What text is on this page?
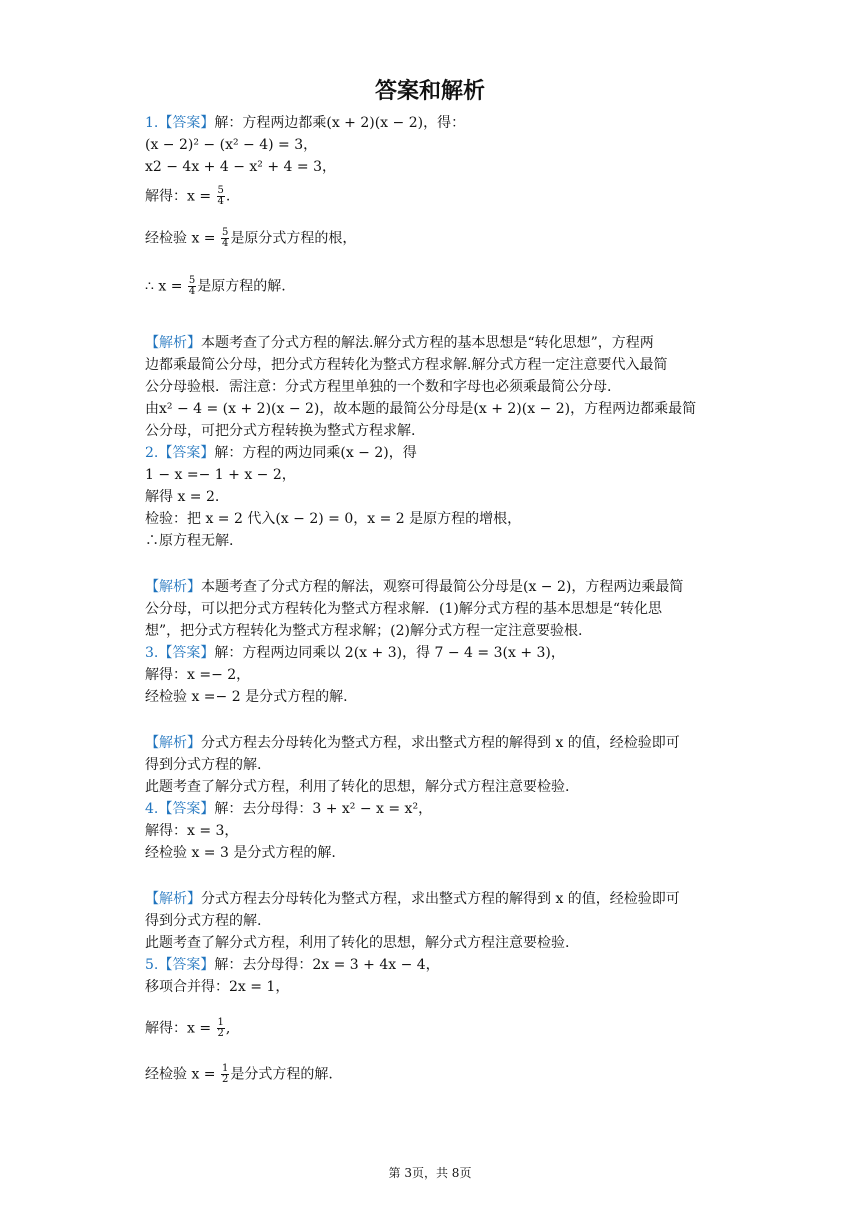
答案和解析
1.【答案】解：方程两边都乘(x + 2)(x − 2)，得：
(x − 2)² − (x² − 4) = 3，
x2 − 4x + 4 − x² + 4 = 3，
解得：$x = \frac{5}{4}$ .
经检验 $x = \frac{5}{4}$ 是原分式方程的根，
∴ $x = \frac{5}{4}$ 是原方程的解.
【解析】本题考查了分式方程的解法.解分式方程的基本思想是“转化思想”，方程两
边都乘最简公分母，把分式方程转化为整式方程求解.解分式方程一定注意要代入最简
公分母验根．需注意：分式方程里单独的一个数和字母也必须乘最简公分母.
由x² − 4 = (x + 2)(x − 2)，故本题的最简公分母是(x + 2)(x − 2)，方程两边都乘最简
公分母，可把分式方程转换为整式方程求解.
2.【答案】解：方程的两边同乘(x − 2)，得
1 − x =− 1 + x − 2，
解得 x = 2.
检验：把 x = 2 代入(x − 2) = 0，x = 2 是原方程的增根，
∴原方程无解.
【解析】本题考查了分式方程的解法，观察可得最简公分母是(x − 2)，方程两边乘最简
公分母，可以把分式方程转化为整式方程求解．(1)解分式方程的基本思想是“转化思
想”，把分式方程转化为整式方程求解；(2)解分式方程一定注意要验根.
3.【答案】解：方程两边同乘以 2(x + 3)，得 7 − 4 = 3(x + 3)，
解得：x =− 2，
经检验 x =− 2 是分式方程的解.
【解析】分式方程去分母转化为整式方程，求出整式方程的解得到 x 的值，经检验即可
得到分式方程的解.
此题考查了解分式方程，利用了转化的思想，解分式方程注意要检验.
4.【答案】解：去分母得：3 + x² − x = x²，
解得：x = 3，
经检验 x = 3 是分式方程的解.
【解析】分式方程去分母转化为整式方程，求出整式方程的解得到 x 的值，经检验即可
得到分式方程的解.
此题考查了解分式方程，利用了转化的思想，解分式方程注意要检验.
5.【答案】解：去分母得：2x = 3 + 4x − 4，
移项合并得：2x = 1，
解得：$x = \frac{1}{2}$ ,
经检验 $x = \frac{1}{2}$ 是分式方程的解.
第 3页，共 8页
